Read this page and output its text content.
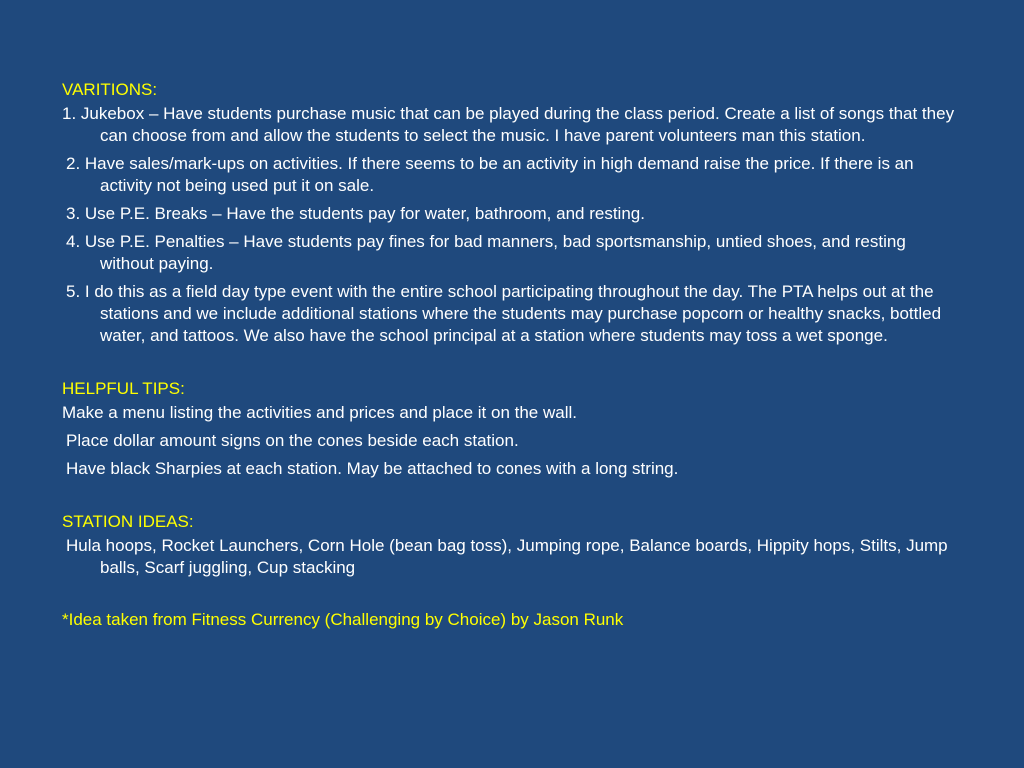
VARITIONS:
1. Jukebox – Have students purchase music that can be played during the class period. Create a list of songs that they can choose from and allow the students to select the music. I have parent volunteers man this station.
2. Have sales/mark-ups on activities. If there seems to be an activity in high demand raise the price. If there is an activity not being used put it on sale.
3. Use P.E. Breaks – Have the students pay for water, bathroom, and resting.
4. Use P.E. Penalties – Have students pay fines for bad manners, bad sportsmanship, untied shoes, and resting without paying.
5. I do this as a field day type event with the entire school participating throughout the day. The PTA helps out at the stations and we include additional stations where the students may purchase popcorn or healthy snacks, bottled water, and tattoos. We also have the school principal at a station where students may toss a wet sponge.
HELPFUL TIPS:
Make a menu listing the activities and prices and place it on the wall.
Place dollar amount signs on the cones beside each station.
Have black Sharpies at each station. May be attached to cones with a long string.
STATION IDEAS:
Hula hoops, Rocket Launchers, Corn Hole (bean bag toss), Jumping rope, Balance boards, Hippity hops, Stilts, Jump balls, Scarf juggling, Cup stacking
*Idea taken from Fitness Currency (Challenging by Choice) by Jason Runk
